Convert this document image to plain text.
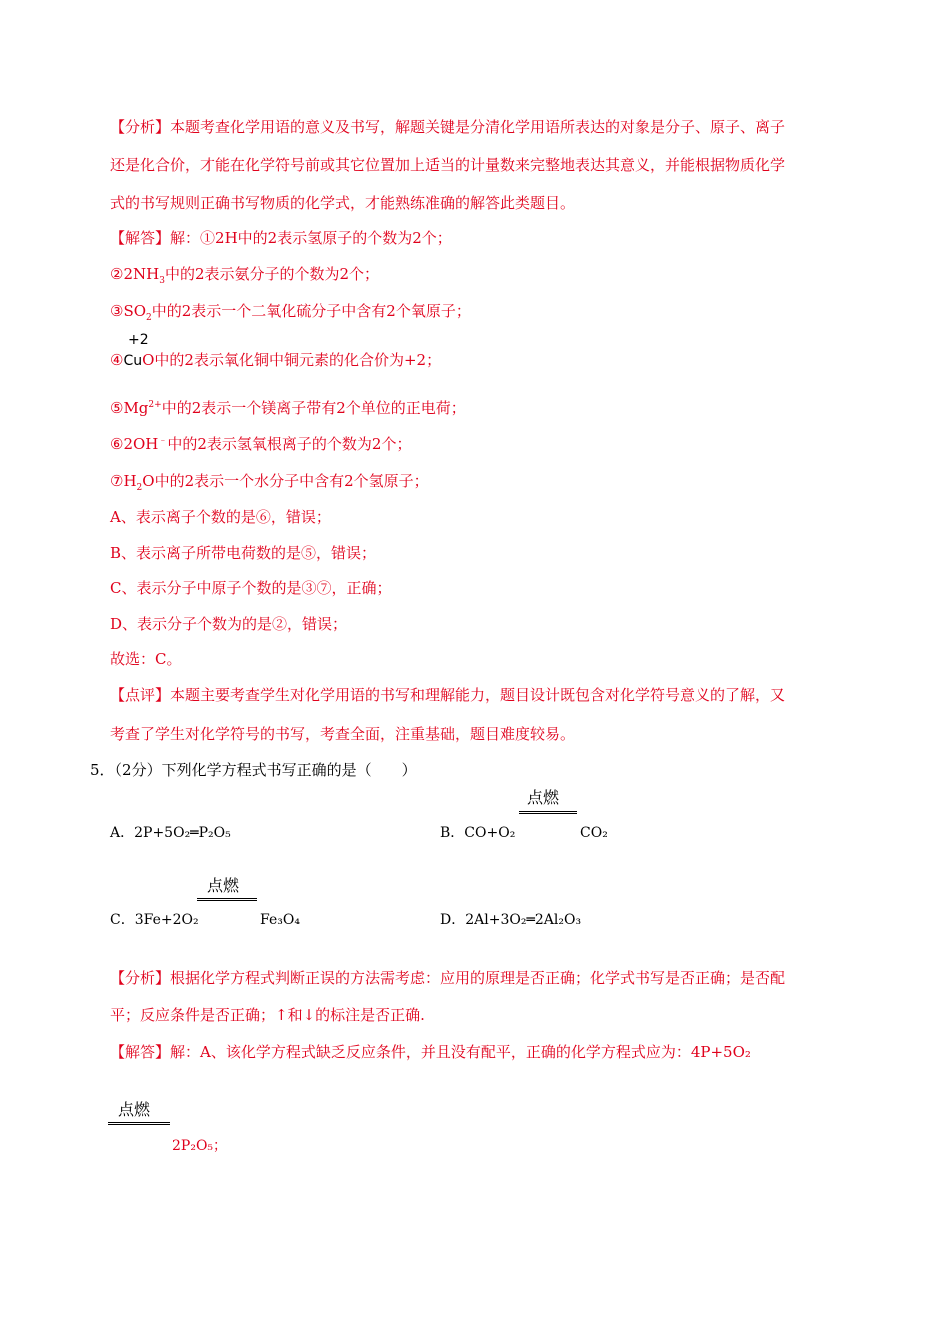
【分析】本题考查化学用语的意义及书写，解题关键是分清化学用语所表达的对象是分子、原子、离子
还是化合价，才能在化学符号前或其它位置加上适当的计量数来完整地表达其意义，并能根据物质化学
式的书写规则正确书写物质的化学式，才能熟练准确的解答此类题目。
【解答】解：①2H中的2表示氢原子的个数为2个；
$②2NH_3$中的2表示氨分子的个数为2个；
$③SO_2$中的2表示一个二氧化硫分子中含有2个氧原子；
+2
④CuO中的2表示氧化铜中铜元素的化合价为+2；
$⑤Mg^{2+}$中的2表示一个镁离子带有2个单位的正电荷；
⑥2OH﹣中的2表示氢氧根离子的个数为2个；
$⑦H_2O$中的2表示一个水分子中含有2个氢原子；
A、表示离子个数的是⑥，错误；
B、表示离子所带电荷数的是⑤，错误；
C、表示分子中原子个数的是③⑦，正确；
D、表示分子个数为的是②，错误；
故选：C。
【点评】本题主要考查学生对化学用语的书写和理解能力，题目设计既包含对化学符号意义的了解，又
考查了学生对化学符号的书写，考查全面，注重基础，题目难度较易。
5．（2分）下列化学方程式书写正确的是（　　）
点燃
A．2P+5O₂═P₂O₅	B．CO+O₂	CO₂
点燃
C．3Fe+2O₂	Fe₃O₄	D．2Al+3O₂═2Al₂O₃
【分析】根据化学方程式判断正误的方法需考虑：应用的原理是否正确；化学式书写是否正确；是否配
平；反应条件是否正确；↑和↓的标注是否正确.
【解答】解：A、该化学方程式缺乏反应条件，并且没有配平，正确的化学方程式应为：4P+5O₂
点燃
2P₂O₅；
